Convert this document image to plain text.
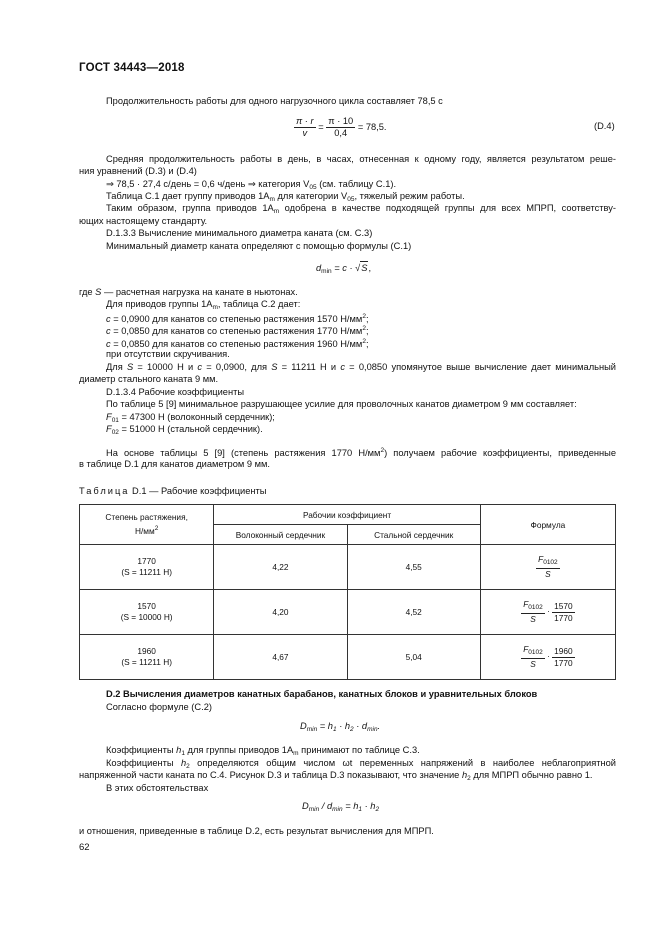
ГОСТ 34443—2018
Продолжительность работы для одного нагрузочного цикла составляет 78,5 с
$\frac{\pi \cdot r}{v} = \frac{\pi \cdot 10}{0,4} = 78,5$.	(D.4)
Средняя продолжительность работы в день, в часах, отнесенная к одному году, является результатом реше-
ния уравнений (D.3) и (D.4)
⇒ 78,5 · 27,4 с/день = 0,6 ч/день ⇒ категория $V_{05}$ (см. таблицу С.1).
Таблица С.1 дает группу приводов $1А_m$ для категории $V_{05}$, тяжелый режим работы.
Таким образом, группа приводов $1А_m$ одобрена в качестве подходящей группы для всех МПРП, соответству-
ющих настоящему стандарту.
D.1.3.3 Вычисление минимального диаметра каната (см. С.3)
Минимальный диаметр каната определяют с помощью формулы (С.1)
$d_{min} = c \cdot √S$,
где S — расчетная нагрузка на канате в ньютонах.
Для приводов группы $1А_m$, таблица С.2 дает:
с = 0,0900 для канатов со степенью растяжения 1570 $Н/мм^2$;
с = 0,0850 для канатов со степенью растяжения 1770 $Н/мм^2$;
с = 0,0850 для канатов со степенью растяжения 1960 $Н/мм^2$;
при отсутствии скручивания.
Для S = 10000 Н и с = 0,0900, для S = 11211 Н и с = 0,0850 упомянутое выше вычисление дает минимальный
диаметр стального каната 9 мм.
D.1.3.4 Рабочие коэффициенты
По таблице 5 [9] минимальное разрушающее усилие для проволочных канатов диаметром 9 мм составляет:
$F_{01} = 47300$ Н (волоконный сердечник);
$F_{02} = 51000$ Н (стальной сердечник).
На основе таблицы 5 [9] (степень растяжения 1770 $Н/мм^2$) получаем рабочие коэффициенты, приведенные
в таблице D.1 для канатов диаметром 9 мм.
Таблица D.1 — Рабочие коэффициенты
Степень растяжения,
$Н/мм^2$	Рабочии коэффициент		Формула
	Волоконный сердечник	Стальной сердечник	
1770
(S = 11211 Н)	4,22	4,55	$\frac{F_{0102}}{S}$

1570
(S = 10000 Н)	4,20	4,52	$\frac{F_{0102}}{S} \cdot \frac{1570}{1770}$

1960
(S = 11211 Н)	4,67	5,04	$\frac{F_{0102}}{S} \cdot \frac{1960}{1770}$
D.2 Вычисления диаметров канатных барабанов, канатных блоков и уравнительных блоков
Согласно формуле (С.2)
$D_{min} = h_1 \cdot h_2 \cdot d_{min}$.
Коэффициенты $h_1$ для группы приводов $1А_m$ принимают по таблице С.3.
Коэффициенты $h_2$ определяются общим числом ωt переменных напряжений в наиболее неблагоприятной
напряженной части каната по С.4. Рисунок D.3 и таблица D.3 показывают, что значение $h_2$ для МПРП обычно равно 1.
В этих обстоятельствах
$D_{min} / d_{min} = h_1 \cdot h_2$
и отношения, приведенные в таблице D.2, есть результат вычисления для МПРП.
62
